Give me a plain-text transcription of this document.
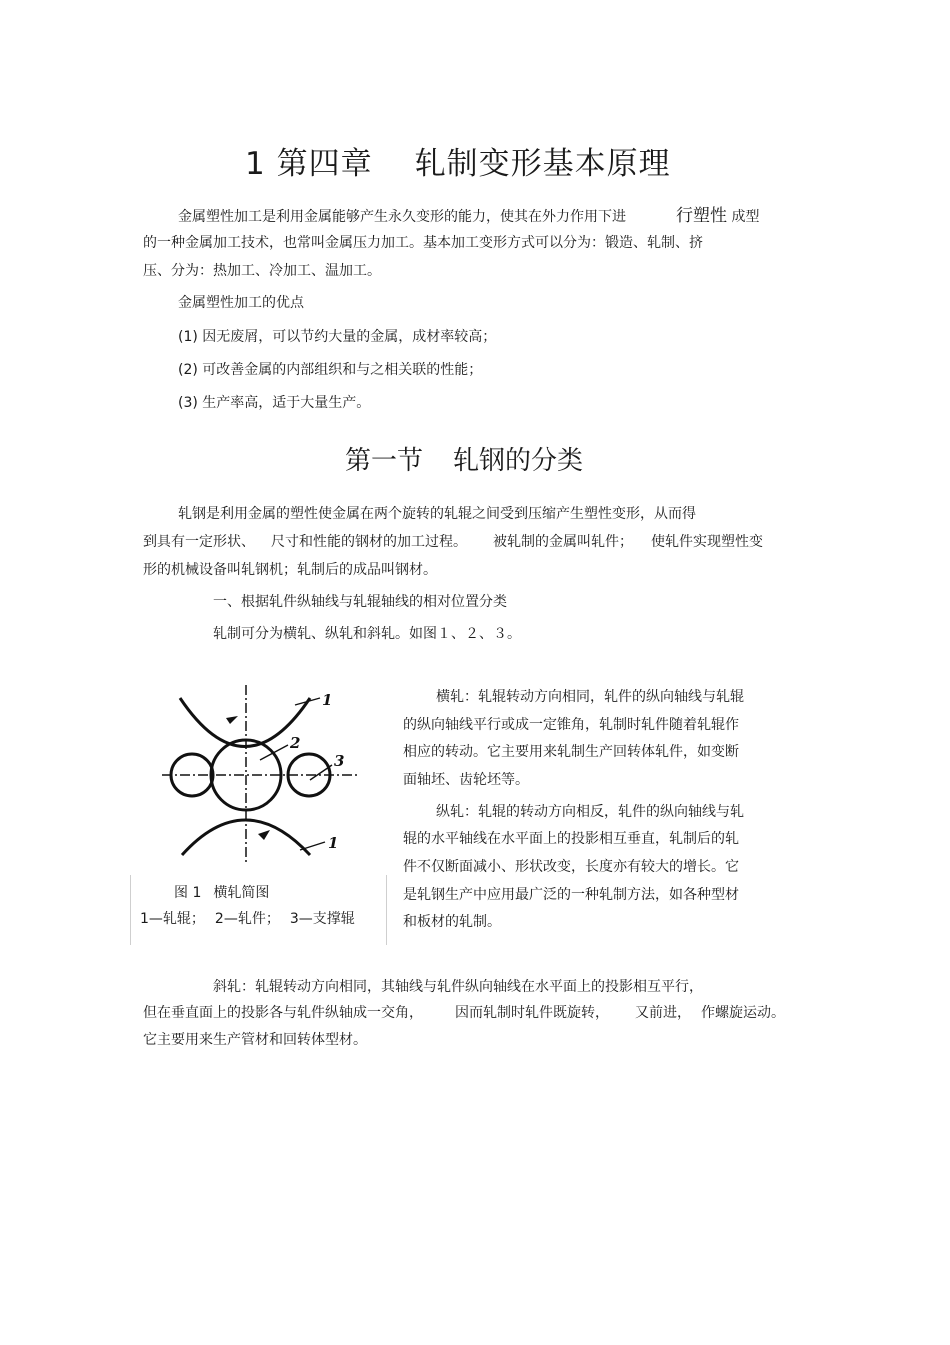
1 第四章 轧制变形基本原理
金属塑性加工是利用金属能够产生永久变形的能力，使其在外力作用下进	行塑性 成型
的一种金属加工技术，也常叫金属压力加工。基本加工变形方式可以分为：锻造、轧制、挤
压、分为：热加工、冷加工、温加工。
金属塑性加工的优点
(1) 因无废屑，可以节约大量的金属，成材率较高；
(2) 可改善金属的内部组织和与之相关联的性能；
(3) 生产率高，适于大量生产。
第一节 轧钢的分类
轧钢是利用金属的塑性使金属在两个旋转的轧辊之间受到压缩产生塑性变形，从而得
到具有一定形状、 尺寸和性能的钢材的加工过程。 被轧制的金属叫轧件； 使轧件实现塑性变
形的机械设备叫轧钢机；轧制后的成品叫钢材。
一、根据轧件纵轴线与轧辊轴线的相对位置分类
轧制可分为横轧、纵轧和斜轧。如图１、２、３。
1
2
3
1
图 1 横轧简图
1—轧辊； 2—轧件； 3—支撑辊
横轧：轧辊转动方向相同，轧件的纵向轴线与轧辊
的纵向轴线平行或成一定锥角，轧制时轧件随着轧辊作
相应的转动。它主要用来轧制生产回转体轧件，如变断
面轴坯、齿轮坯等。
纵轧：轧辊的转动方向相反，轧件的纵向轴线与轧
辊的水平轴线在水平面上的投影相互垂直，轧制后的轧
件不仅断面减小、形状改变，长度亦有较大的增长。它
是轧钢生产中应用最广泛的一种轧制方法，如各种型材
和板材的轧制。
斜轧：轧辊转动方向相同，其轴线与轧件纵向轴线在水平面上的投影相互平行，
但在垂直面上的投影各与轧件纵轴成一交角， 因而轧制时轧件既旋转， 又前进， 作螺旋运动。
它主要用来生产管材和回转体型材。
